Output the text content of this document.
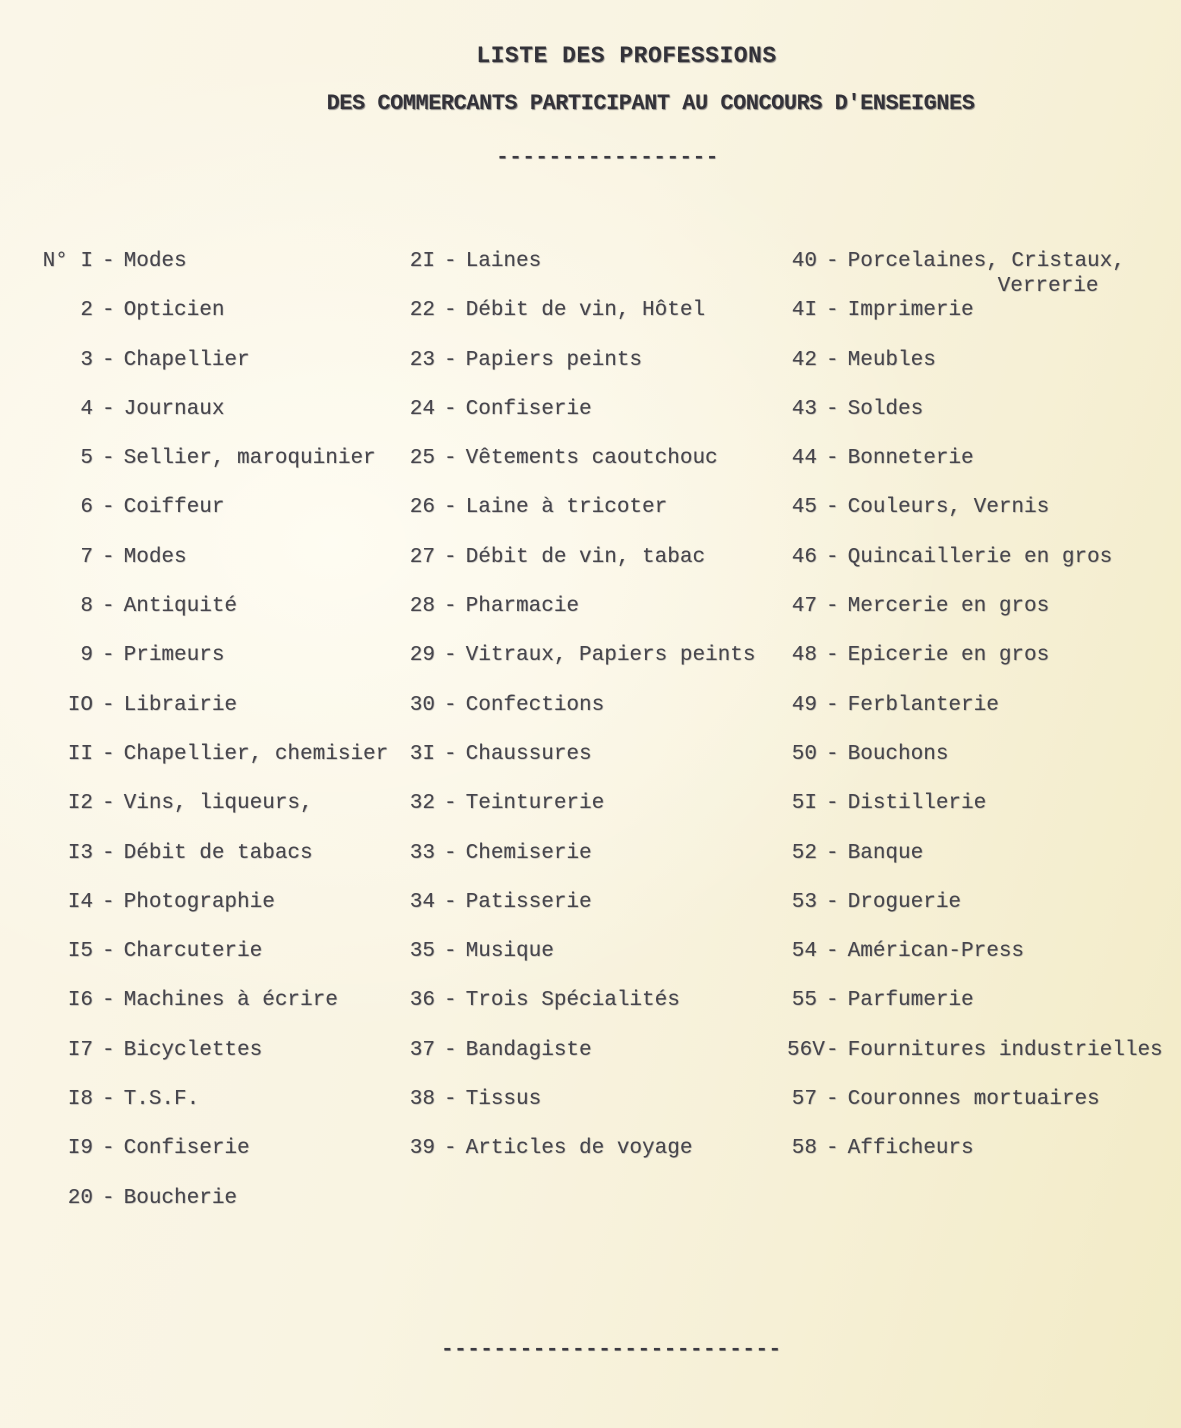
LISTE DES PROFESSIONS
DES COMMERCANTS PARTICIPANT AU CONCOURS D'ENSEIGNES
-----------------
N° I - Modes
2 - Opticien
3 - Chapellier
4 - Journaux
5 - Sellier, maroquinier
6 - Coiffeur
7 - Modes
8 - Antiquité
9 - Primeurs
IO - Librairie
II - Chapellier, chemisier
I2 - Vins, liqueurs,
I3 - Débit de tabacs
I4 - Photographie
I5 - Charcuterie
I6 - Machines à écrire
I7 - Bicyclettes
I8 - T.S.F.
I9 - Confiserie
20 - Boucherie
2I - Laines
22 - Débit de vin, Hôtel
23 - Papiers peints
24 - Confiserie
25 - Vêtements caoutchouc
26 - Laine à tricoter
27 - Débit de vin, tabac
28 - Pharmacie
29 - Vitraux, Papiers peints
30 - Confections
3I - Chaussures
32 - Teinturerie
33 - Chemiserie
34 - Patisserie
35 - Musique
36 - Trois Spécialités
37 - Bandagiste
38 - Tissus
39 - Articles de voyage
40 - Porcelaines, Cristaux,
Verrerie
4I - Imprimerie
42 - Meubles
43 - Soldes
44 - Bonneterie
45 - Couleurs, Vernis
46 - Quincaillerie en gros
47 - Mercerie en gros
48 - Epicerie en gros
49 - Ferblanterie
50 - Bouchons
5I - Distillerie
52 - Banque
53 - Droguerie
54 - Américan-Press
55 - Parfumerie
56V - Fournitures industrielles
57 - Couronnes mortuaires
58 - Afficheurs
--------------------------
